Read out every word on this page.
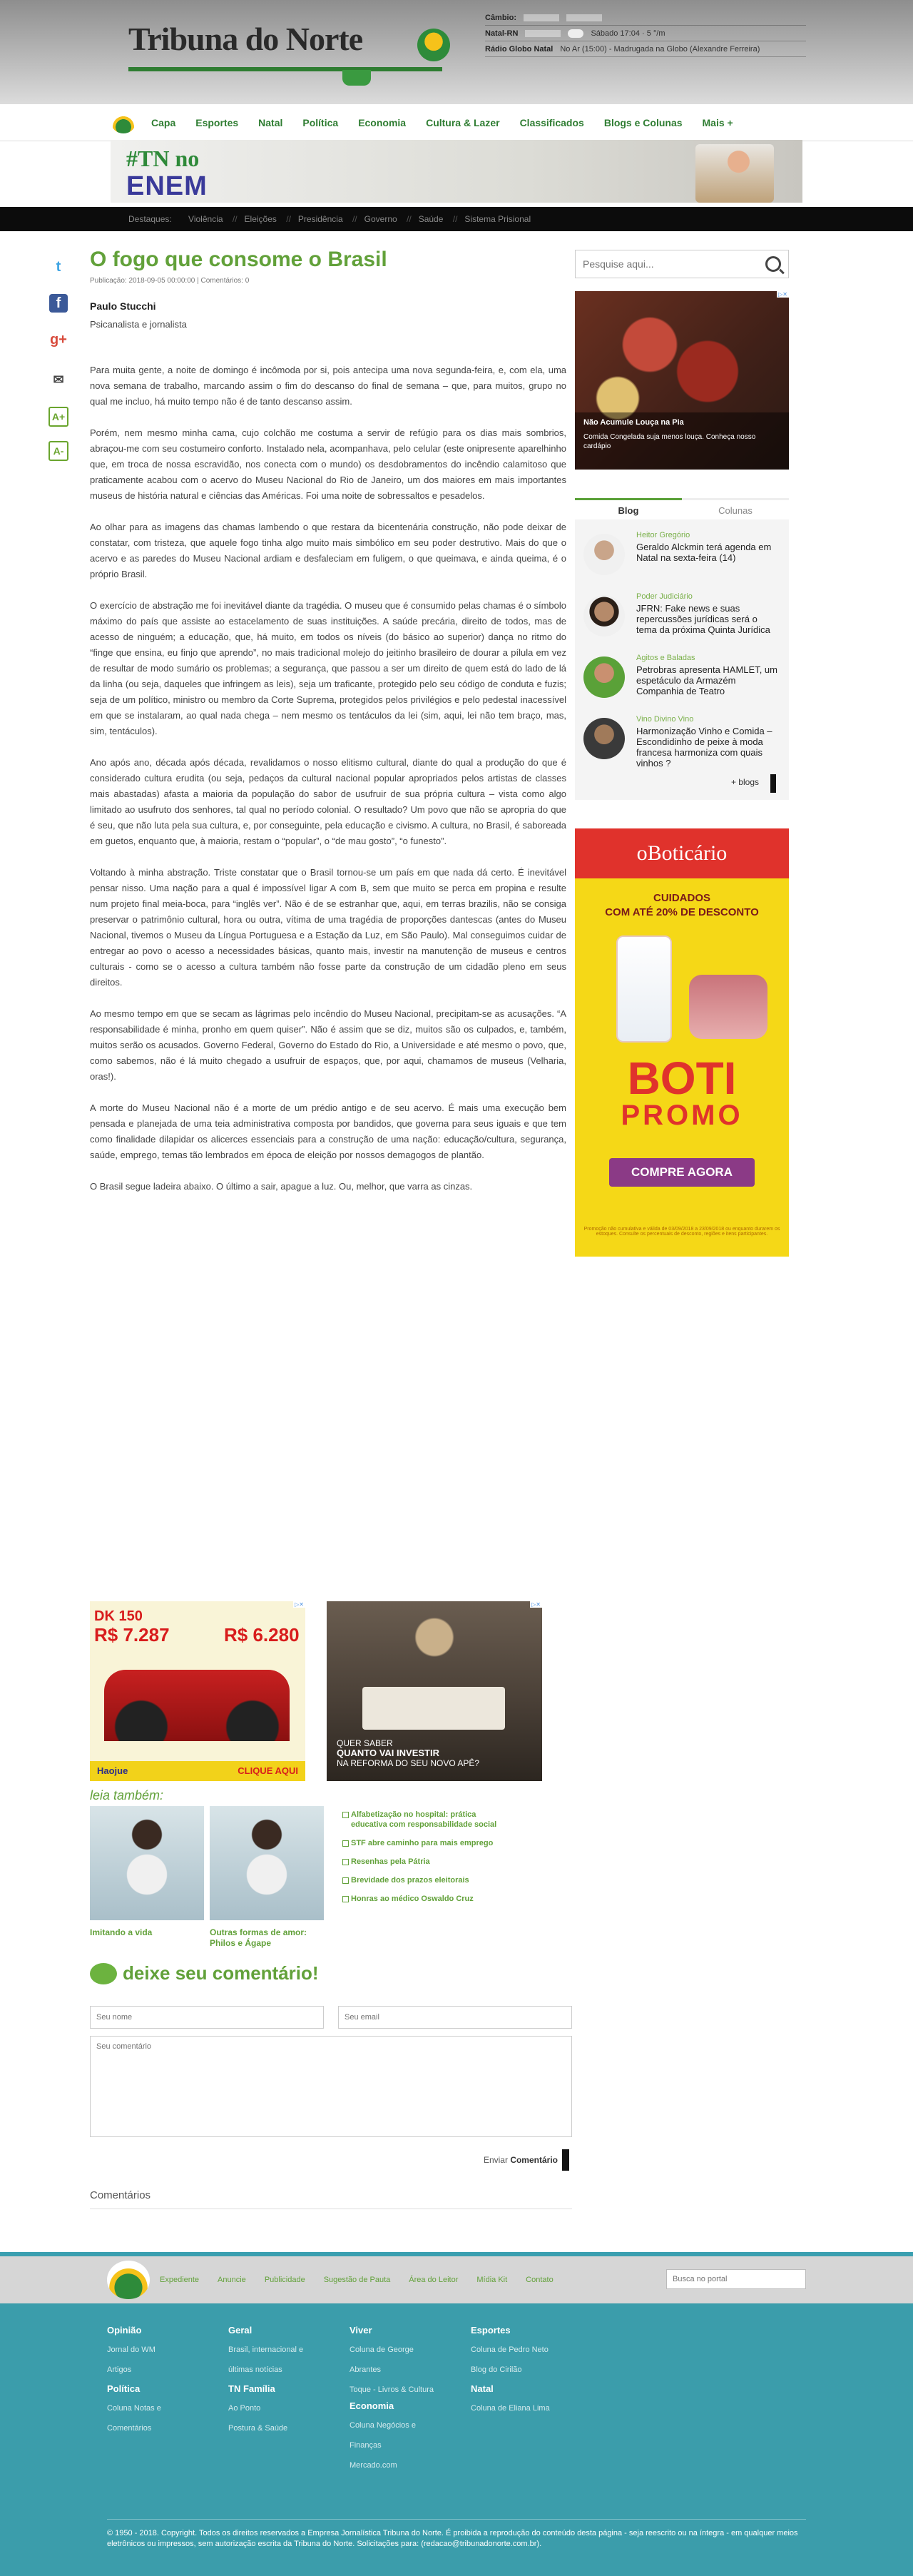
Tribuna do Norte
Câmbio:
Natal-RN	Sábado 17:04 · 5 °/m
Rádio Globo Natal No Ar (15:00) - Madrugada na Globo (Alexandre Ferreira)
Capa Esportes Natal Política Economia Cultura & Lazer Classificados Blogs e Colunas Mais +
#TN no
ENEM
Destaques: Violência // Eleições // Presidência // Governo // Saúde // Sistema Prisional
t
f
g+
✉
A+
A-
O fogo que consome o Brasil
Publicação: 2018-09-05 00:00:00 | Comentários: 0
Paulo Stucchi
Psicanalista e jornalista

Para muita gente, a noite de domingo é incômoda por si, pois antecipa uma nova segunda-feira, e, com ela, uma nova semana de trabalho, marcando assim o fim do descanso do final de semana – que, para muitos, grupo no qual me incluo, há muito tempo não é de tanto descanso assim.

Porém, nem mesmo minha cama, cujo colchão me costuma a servir de refúgio para os dias mais sombrios, abraçou-me com seu costumeiro conforto. Instalado nela, acompanhava, pelo celular (este onipresente aparelhinho que, em troca de nossa escravidão, nos conecta com o mundo) os desdobramentos do incêndio calamitoso que praticamente acabou com o acervo do Museu Nacional do Rio de Janeiro, um dos maiores em mais importantes museus de história natural e ciências das Américas. Foi uma noite de sobressaltos e pesadelos.

Ao olhar para as imagens das chamas lambendo o que restara da bicentenária construção, não pode deixar de constatar, com tristeza, que aquele fogo tinha algo muito mais simbólico em seu poder destrutivo. Mais do que o acervo e as paredes do Museu Nacional ardiam e desfaleciam em fuligem, o que queimava, e ainda queima, é o próprio Brasil.

O exercício de abstração me foi inevitável diante da tragédia. O museu que é consumido pelas chamas é o símbolo máximo do país que assiste ao estacelamento de suas instituições. A saúde precária, direito de todos, mas de acesso de ninguém; a educação, que, há muito, em todos os níveis (do básico ao superior) dança no ritmo do “finge que ensina, eu finjo que aprendo”, no mais tradicional molejo do jeitinho brasileiro de dourar a pílula em vez de resultar de modo sumário os problemas; a segurança, que passou a ser um direito de quem está do lado de lá da linha (ou seja, daqueles que infringem as leis), seja um traficante, protegido pelo seu código de conduta e fuzis; seja de um político, ministro ou membro da Corte Suprema, protegidos pelos privilégios e pelo pedestal inacessível em que se instalaram, ao qual nada chega – nem mesmo os tentáculos da lei (sim, aqui, lei não tem braço, mas, sim, tentáculos).

Ano após ano, década após década, revalidamos o nosso elitismo cultural, diante do qual a produção do que é considerado cultura erudita (ou seja, pedaços da cultural nacional popular apropriados pelos artistas de classes mais abastadas) afasta a maioria da população do sabor de usufruir de sua própria cultura – vista como algo limitado ao usufruto dos senhores, tal qual no período colonial. O resultado? Um povo que não se apropria do que é seu, que não luta pela sua cultura, e, por conseguinte, pela educação e civismo. A cultura, no Brasil, é saboreada em guetos, enquanto que, à maioria, restam o “popular”, o “de mau gosto”, “o funesto”.

Voltando à minha abstração. Triste constatar que o Brasil tornou-se um país em que nada dá certo. É inevitável pensar nisso. Uma nação para a qual é impossível ligar A com B, sem que muito se perca em propina e resulte num projeto final meia-boca, para “inglês ver”. Não é de se estranhar que, aqui, em terras brazilis, não se consiga preservar o patrimônio cultural, hora ou outra, vítima de uma tragédia de proporções dantescas (antes do Museu Nacional, tivemos o Museu da Língua Portuguesa e a Estação da Luz, em São Paulo). Mal conseguimos cuidar de entregar ao povo o acesso a necessidades básicas, quanto mais, investir na manutenção de museus e centros culturais - como se o acesso a cultura também não fosse parte da construção de um cidadão pleno em seus direitos.

Ao mesmo tempo em que se secam as lágrimas pelo incêndio do Museu Nacional, precipitam-se as acusações. “A responsabilidade é minha, pronho em quem quiser”. Não é assim que se diz, muitos são os culpados, e, também, muitos serão os acusados. Governo Federal, Governo do Estado do Rio, a Universidade e até mesmo o povo, que, como sabemos, não é lá muito chegado a usufruir de espaços, que, por aqui, chamamos de museus (Velharia, oras!).

A morte do Museu Nacional não é a morte de um prédio antigo e de seu acervo. É mais uma execução bem pensada e planejada de uma teia administrativa composta por bandidos, que governa para seus iguais e que tem como finalidade dilapidar os alicerces essenciais para a construção de uma nação: educação/cultura, segurança, saúde, emprego, temas tão lembrados em época de eleição por nossos demagogos de plantão.

O Brasil segue ladeira abaixo. O último a sair, apague a luz. Ou, melhor, que varra as cinzas.

Pesquise aqui...
▷✕
Não Acumule Louça na Pia
Comida Congelada suja menos louça. Conheça nosso cardápio
Blog	Colunas
Heitor Gregório
Geraldo Alckmin terá agenda em Natal na sexta-feira (14)
Poder Judiciário
JFRN: Fake news e suas repercussões jurídicas será o tema da próxima Quinta Jurídica
Agitos e Baladas
Petrobras apresenta HAMLET, um espetáculo da Armazém Companhia de Teatro
Vino Divino Vino
Harmonização Vinho e Comida – Escondidinho de peixe à moda francesa harmoniza com quais vinhos ?
+ blogs
oBoticário
CUIDADOS
COM ATÉ 20% DE DESCONTO
BOTI
PROMO
COMPRE AGORA
Promoção não cumulativa e válida de 03/09/2018 a 23/09/2018 ou enquanto durarem os estoques. Consulte os percentuais de desconto, regiões e itens participantes.
▷✕
DK 150
R$ 7.287	R$ 6.280
Haojue	CLIQUE AQUI
▷✕
QUER SABER
QUANTO VAI INVESTIR
NA REFORMA DO SEU NOVO APÊ?
leia também:
Imitando a vida	Outras formas de amor: Philos e Ágape
Alfabetização no hospital: prática educativa com responsabilidade social
STF abre caminho para mais emprego
Resenhas pela Pátria
Brevidade dos prazos eleitorais
Honras ao médico Oswaldo Cruz
deixe seu comentário!
Seu nome
Seu email
Seu comentário
Enviar Comentário
Comentários
Expediente Anuncie Publicidade Sugestão de Pauta Área do Leitor Mídia Kit Contato
Busca no portal
Opinião
Jornal do WM
Artigos
Geral
Brasil, internacional e
últimas notícias
Viver
Coluna de George
Abrantes
Toque - Livros & Cultura
Esportes
Coluna de Pedro Neto
Blog do Cirilão
Política
Coluna Notas e
Comentários
TN Família
Ao Ponto
Postura & Saúde
Economia
Coluna Negócios e
Finanças
Mercado.com
Natal
Coluna de Eliana Lima
© 1950 - 2018. Copyright. Todos os direitos reservados a Empresa Jornalística Tribuna do Norte. É proibida a reprodução do conteúdo desta página - seja reescrito ou na íntegra - em qualquer meios eletrônicos ou impressos, sem autorização escrita da Tribuna do Norte. Solicitações para: (redacao@tribunadonorte.com.br).
